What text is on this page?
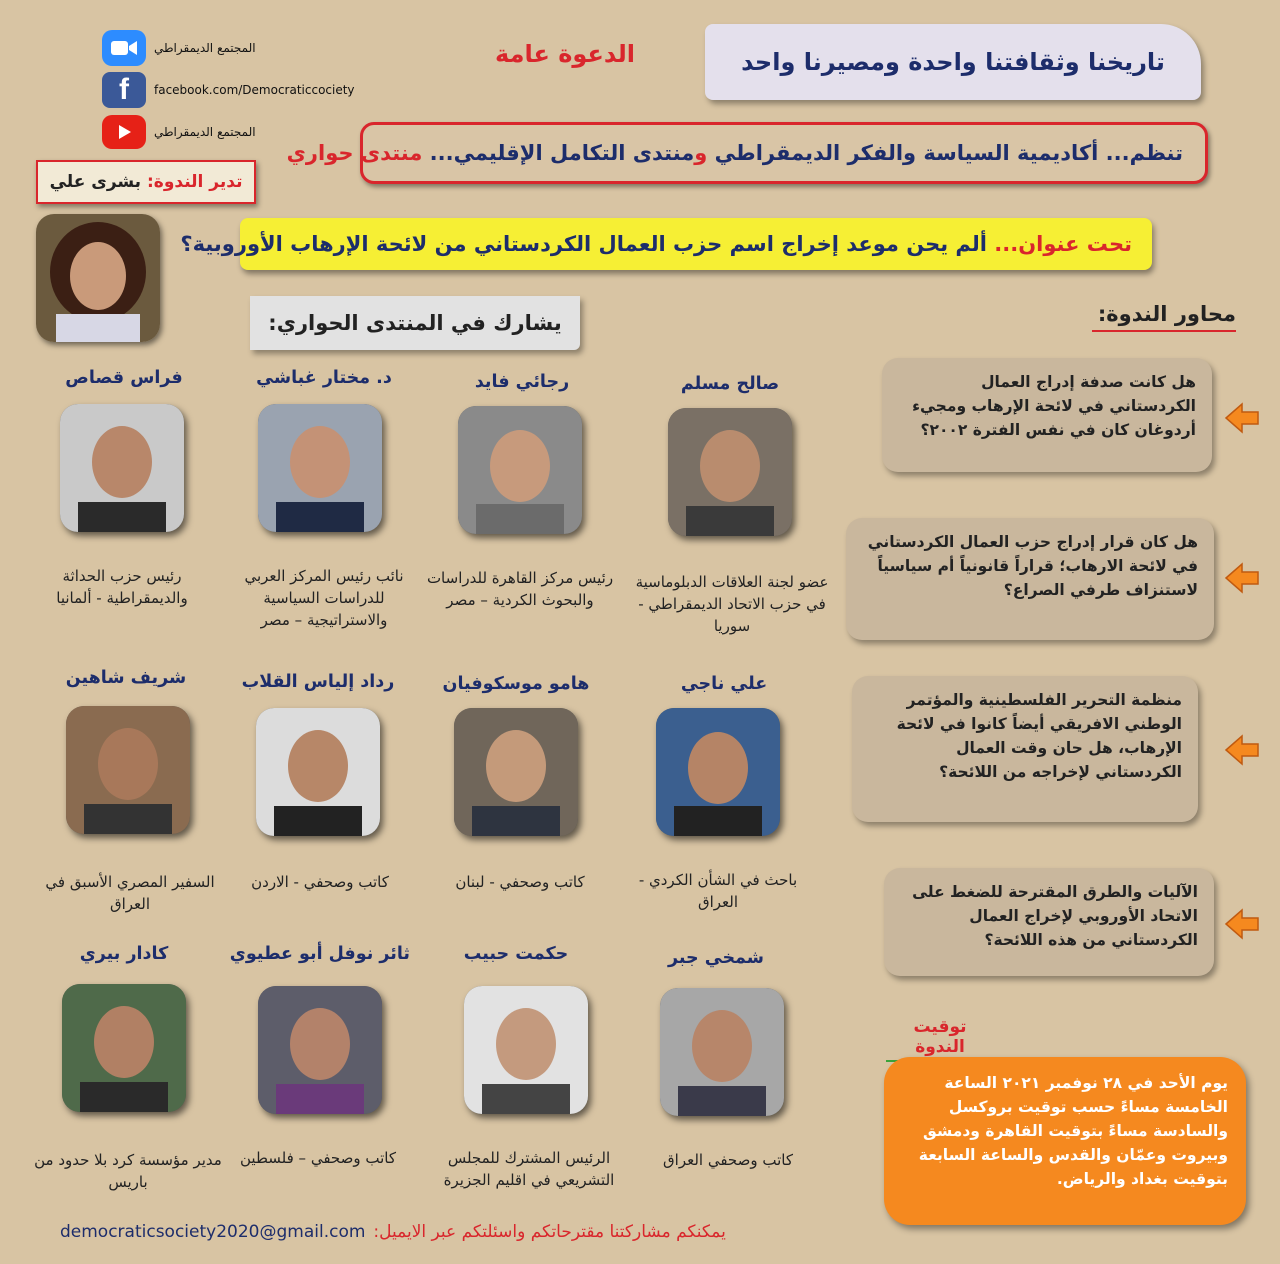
المجتمع الديمقراطي
f	facebook.com/Democraticcociety
المجتمع الديمقراطي
تاريخنا وثقافتنا واحدة ومصيرنا واحد
الدعوة عامة
تنظم...
أكاديمية السياسة والفكر الديمقراطي
و
منتدى التكامل الإقليمي...
منتدى حواري
تدير الندوة:
بشرى علي
تحت عنوان...
ألم يحن موعد إخراج اسم حزب العمال الكردستاني من لائحة الإرهاب الأوروبية؟
يشارك في المنتدى الحواري:	محاور الندوة:
هل كانت صدفة إدراج العمال الكردستاني في لائحة الإرهاب ومجيء أردوغان كان في نفس الفترة ٢٠٠٢؟
هل كان قرار إدراج حزب العمال الكردستاني في لائحة الارهاب؛ قراراً قانونياً أم سياسياً لاستنزاف طرفي الصراع؟
منظمة التحرير الفلسطينية والمؤتمر الوطني الافريقي أيضاً كانوا في لائحة الإرهاب، هل حان وقت العمال الكردستاني لإخراجه من اللائحة؟
الآليات والطرق المقترحة للضغط على الاتحاد الأوروبي لإخراج العمال الكردستاني من هذه اللائحة؟
صالح مسلم
عضو لجنة العلاقات الدبلوماسية في حزب الاتحاد الديمقراطي - سوريا
رجائي فايد
رئيس مركز القاهرة للدراسات والبحوث الكردية – مصر
د. مختار غباشي
نائب رئيس المركز العربي للدراسات السياسية والاستراتيجية – مصر
فراس قصاص
رئيس حزب الحداثة والديمقراطية - ألمانيا
علي ناجي
باحث في الشأن الكردي - العراق
هامو موسكوفيان
كاتب وصحفي - لبنان
رداد إلياس القلاب
كاتب وصحفي - الاردن
شريف شاهين
السفير المصري الأسبق في العراق
شمخي جبر
كاتب وصحفي العراق
حكمت حبيب
الرئيس المشترك للمجلس التشريعي في اقليم الجزيرة
ثائر نوفل أبو عطيوي
كاتب وصحفي – فلسطين
كادار بيري
مدير مؤسسة كرد بلا حدود من باريس
توقيت الندوة
يوم الأحد في ٢٨ نوفمبر ٢٠٢١ الساعة الخامسة مساءً حسب توقيت بروكسل والسادسة مساءً بتوقيت القاهرة ودمشق وبيروت وعمّان والقدس والساعة السابعة بتوقيت بغداد والرياض.
democraticsociety2020@gmail.com يمكنكم مشاركتنا مقترحاتكم واسئلتكم عبر الايميل:
